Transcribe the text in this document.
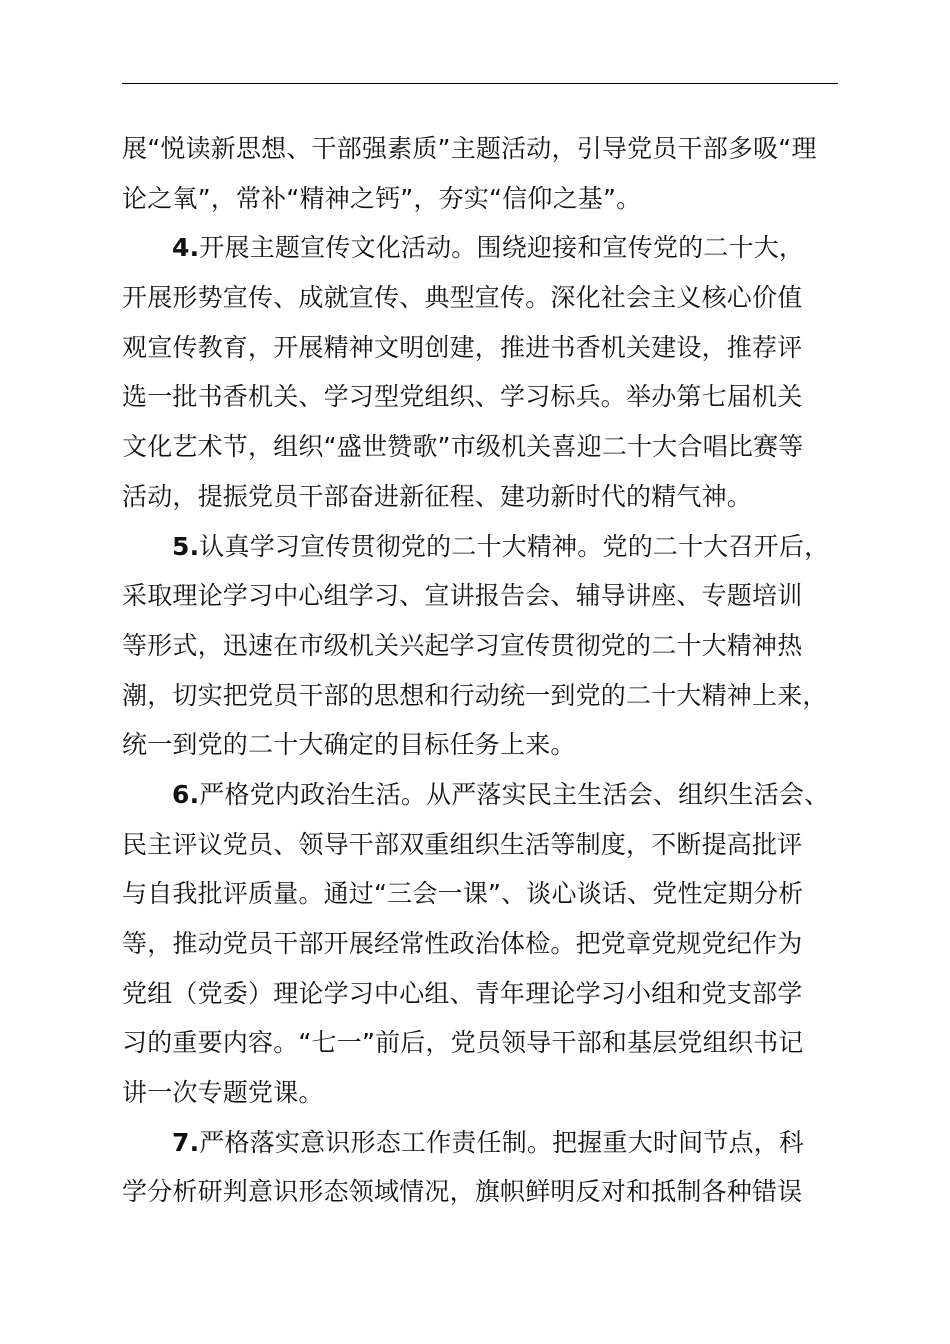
展“悦读新思想、干部强素质”主题活动，引导党员干部多吸“理
论之氧”，常补“精神之钙”，夯实“信仰之基”。
4.开展主题宣传文化活动。围绕迎接和宣传党的二十大，
开展形势宣传、成就宣传、典型宣传。深化社会主义核心价值
观宣传教育，开展精神文明创建，推进书香机关建设，推荐评
选一批书香机关、学习型党组织、学习标兵。举办第七届机关
文化艺术节，组织“盛世赞歌”市级机关喜迎二十大合唱比赛等
活动，提振党员干部奋进新征程、建功新时代的精气神。
5.认真学习宣传贯彻党的二十大精神。党的二十大召开后，
采取理论学习中心组学习、宣讲报告会、辅导讲座、专题培训
等形式，迅速在市级机关兴起学习宣传贯彻党的二十大精神热
潮，切实把党员干部的思想和行动统一到党的二十大精神上来，
统一到党的二十大确定的目标任务上来。
6.严格党内政治生活。从严落实民主生活会、组织生活会、
民主评议党员、领导干部双重组织生活等制度，不断提高批评
与自我批评质量。通过“三会一课”、谈心谈话、党性定期分析
等，推动党员干部开展经常性政治体检。把党章党规党纪作为
党组（党委）理论学习中心组、青年理论学习小组和党支部学
习的重要内容。“七一”前后，党员领导干部和基层党组织书记
讲一次专题党课。
7.严格落实意识形态工作责任制。把握重大时间节点，科
学分析研判意识形态领域情况，旗帜鲜明反对和抵制各种错误
